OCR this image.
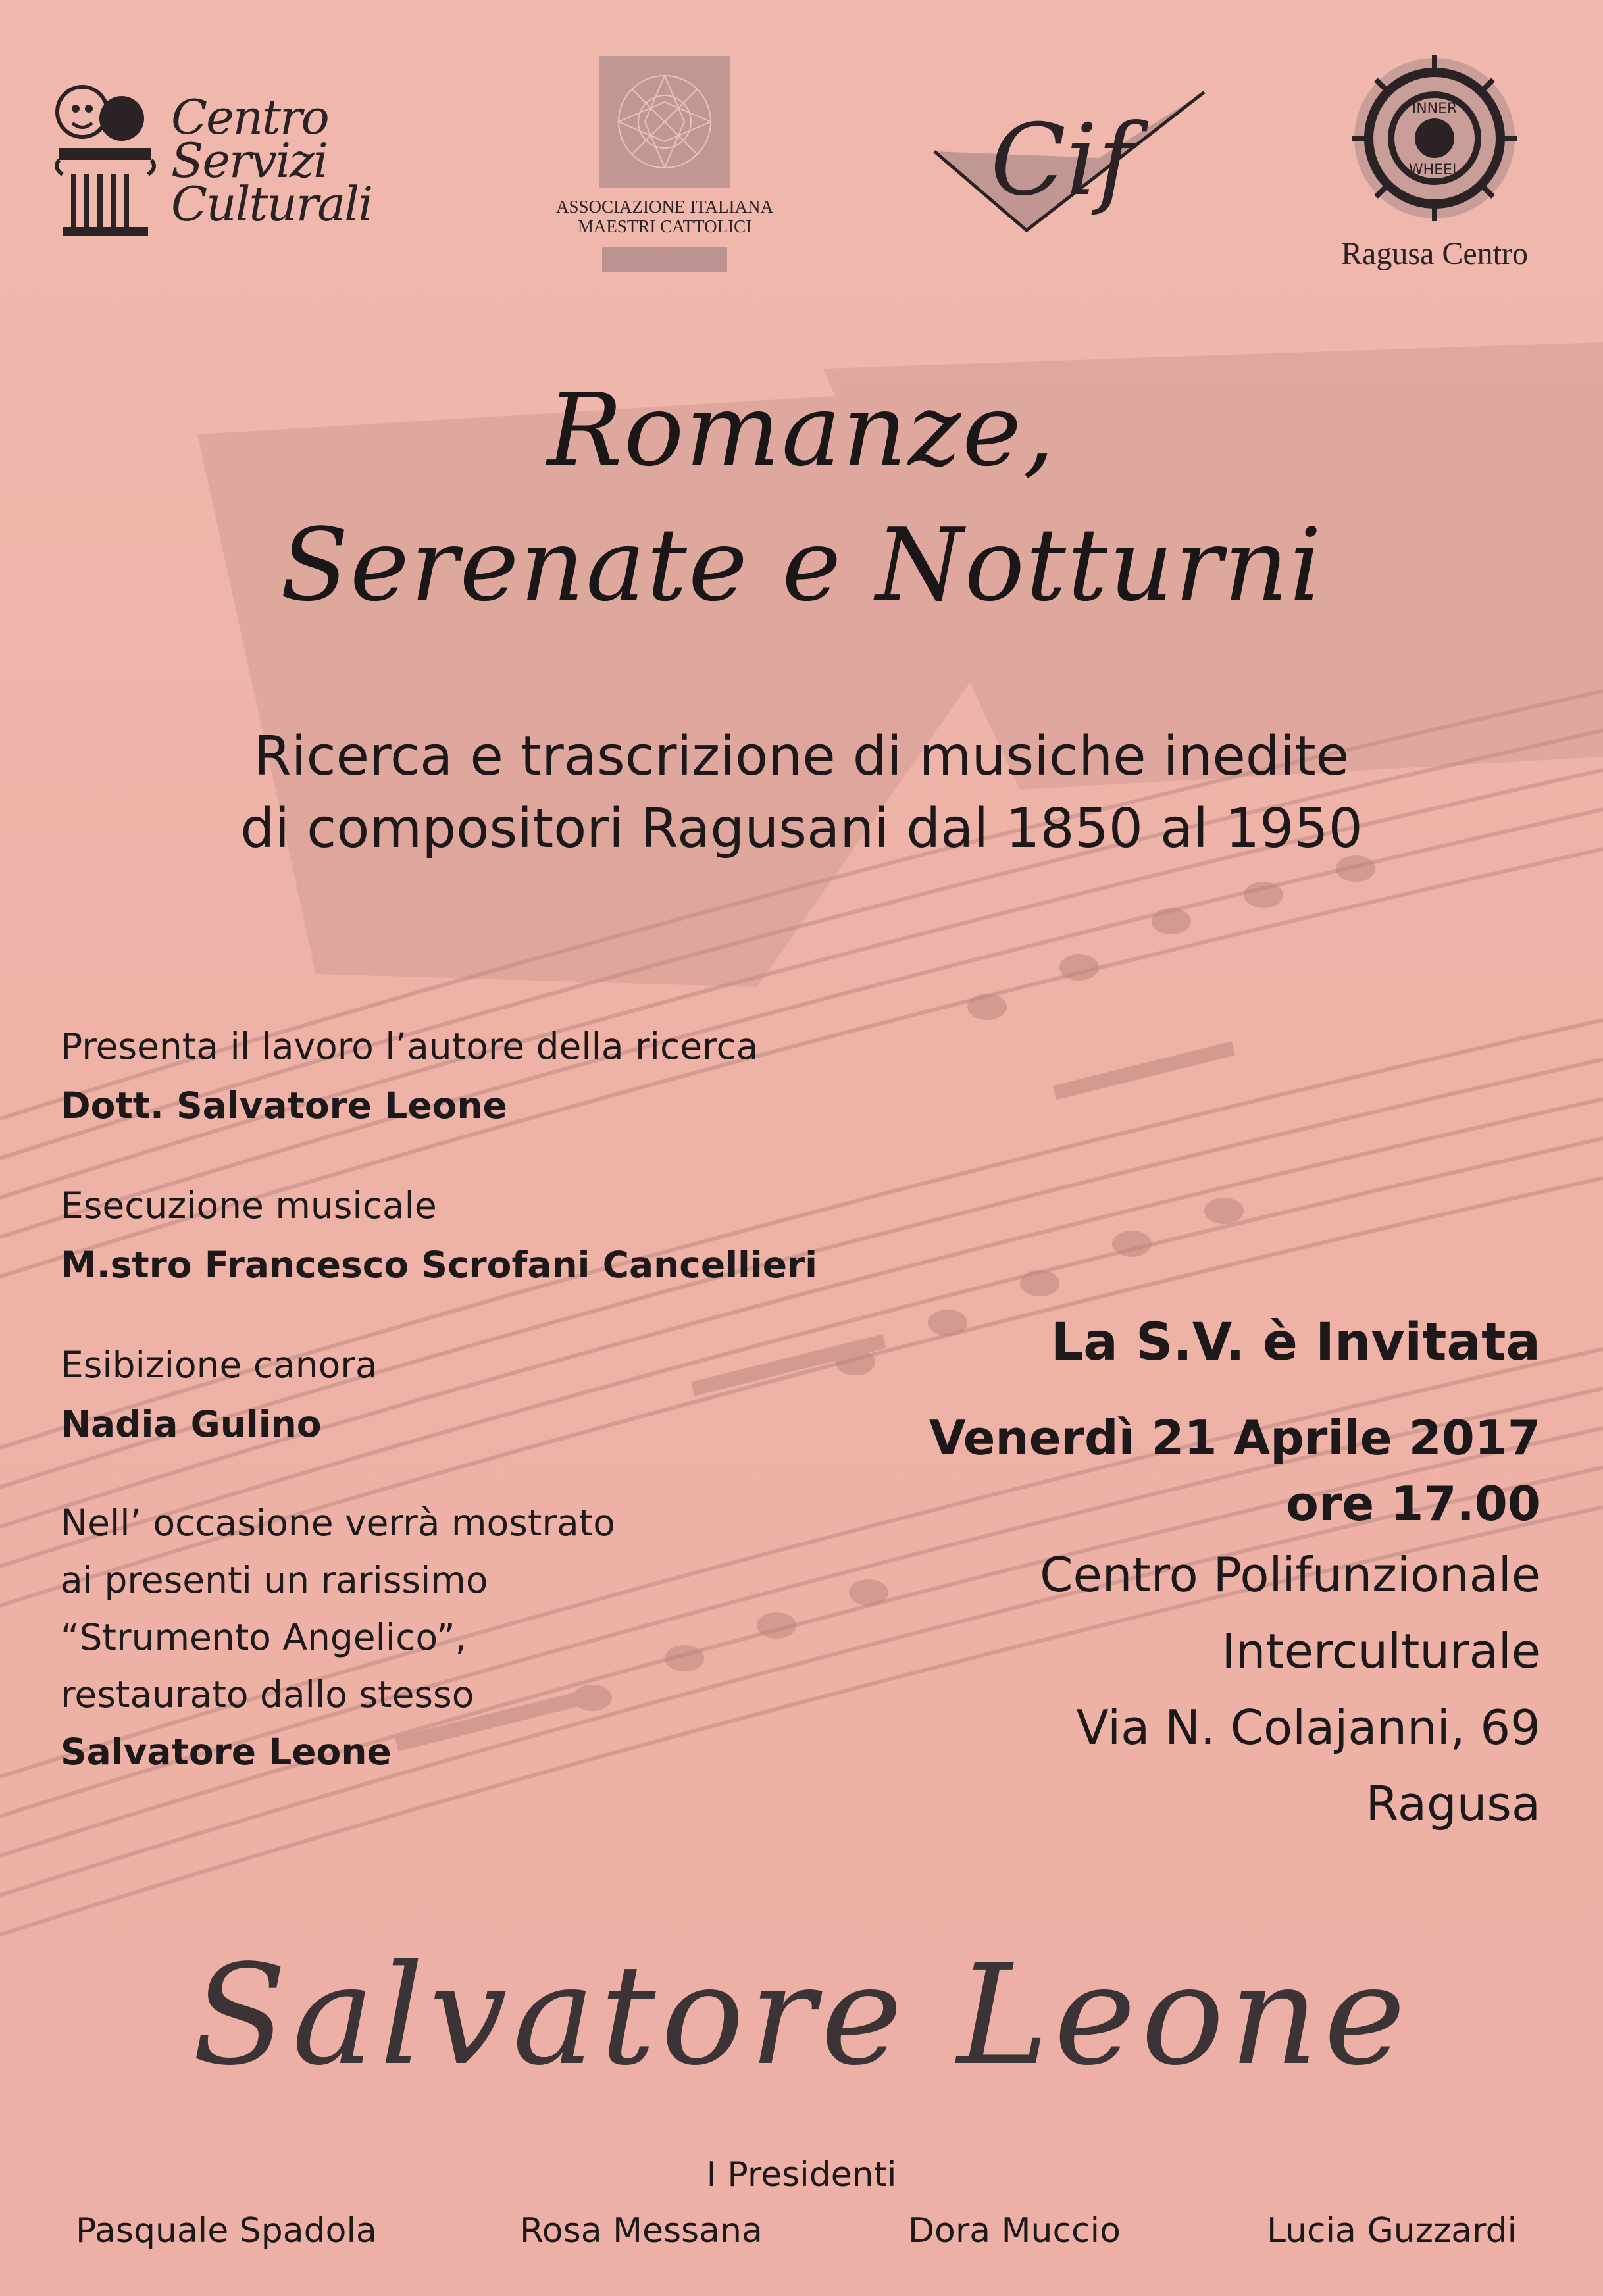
Centro
Servizi
Culturali	ASSOCIAZIONE ITALIANA
MAESTRI CATTOLICI
Cif	INNER
WHEEL
Ragusa Centro
Romanze,
Serenate e Notturni
Ricerca e trascrizione di musiche inedite
di compositori Ragusani dal 1850 al 1950
Presenta il lavoro l’autore della ricerca
Dott. Salvatore Leone
Esecuzione musicale
M.stro Francesco Scrofani Cancellieri
Esibizione canora
Nadia Gulino
Nell’ occasione verrà mostrato
ai presenti un rarissimo
“Strumento Angelico”,
restaurato dallo stesso
Salvatore Leone
La S.V. è Invitata
Venerdì 21 Aprile 2017
ore 17.00
Centro Polifunzionale
Interculturale
Via N. Colajanni, 69
Ragusa
Salvatore Leone
I Presidenti
Pasquale Spadola	Rosa Messana	Dora Muccio	Lucia Guzzardi
